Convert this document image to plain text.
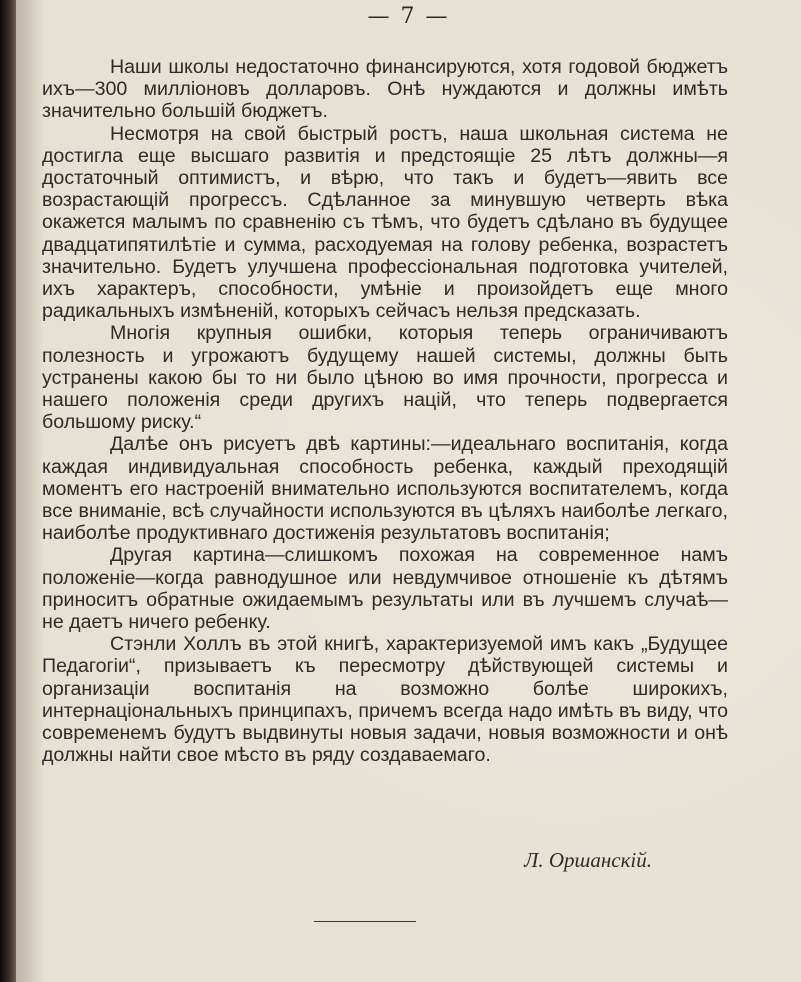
— 7 —

Наши школы недостаточно финансируются, хотя годовой бюджетъ ихъ—300 миллiоновъ долларовъ. Онѣ нуждаются и должны имѣть значительно большiй бюджетъ.

Несмотря на свой быстрый ростъ, наша школьная система не достигла еще высшаго развитiя и предстоящiе 25 лѣтъ должны—я достаточный оптимистъ, и вѣрю, что такъ и будетъ—явить все возрастающiй прогрессъ. Сдѣланное за минувшую четверть вѣка окажется малымъ по сравненiю съ тѣмъ, что будетъ сдѣлано въ будущее двадцатипятилѣтiе и сумма, расходуемая на голову ребенка, возрастетъ значительно. Будетъ улучшена профессiональная подготовка учителей, ихъ характеръ, способности, умѣнiе и произойдетъ еще много радикальныхъ измѣненiй, которыхъ сейчасъ нельзя предсказать.

Многiя крупныя ошибки, которыя теперь ограничиваютъ полезность и угрожаютъ будущему нашей системы, должны быть устранены какою бы то ни было цѣною во имя прочности, прогресса и нашего положенiя среди другихъ нацiй, что теперь подвергается большому риску.“

Далѣе онъ рисуетъ двѣ картины:—идеальнаго воспитанiя, когда каждая индивидуальная способность ребенка, каждый преходящiй моментъ его настроенiй внимательно используются воспитателемъ, когда все вниманiе, всѣ случайности используются въ цѣляхъ наиболѣе легкаго, наиболѣе продуктивнаго достиженiя результатовъ воспитанiя;

Другая картина—слишкомъ похожая на современное намъ положенiе—когда равнодушное или невдумчивое отношенiе къ дѣтямъ приноситъ обратные ожидаемымъ результаты или въ лучшемъ случаѣ—не даетъ ничего ребенку.

Стэнли Холлъ въ этой книгѣ, характеризуемой имъ какъ „Будущее Педагогiи“, призываетъ къ пересмотру дѣйствующей системы и организацiи воспитанiя на возможно болѣе широкихъ, интернацiональныхъ принципахъ, причемъ всегда надо имѣть въ виду, что современемъ будутъ выдвинуты новыя задачи, новыя возможности и онѣ должны найти свое мѣсто въ ряду создаваемаго.

Л. Оршанскiй.
